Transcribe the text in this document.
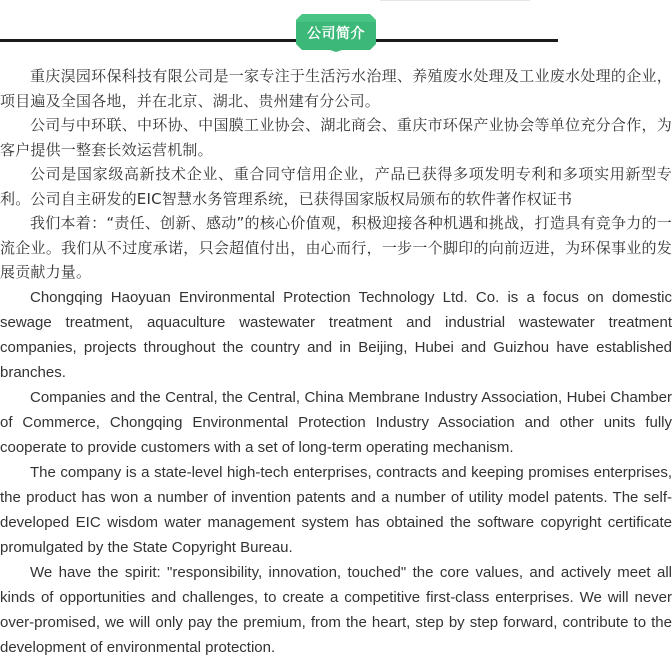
公司简介

重庆淏园环保科技有限公司是一家专注于生活污水治理、养殖废水处理及工业废水处理的企业，项目遍及全国各地，并在北京、湖北、贵州建有分公司。

公司与中环联、中环协、中国膜工业协会、湖北商会、重庆市环保产业协会等单位充分合作，为客户提供一整套长效运营机制。

公司是国家级高新技术企业、重合同守信用企业，产品已获得多项发明专利和多项实用新型专利。公司自主研发的EIC智慧水务管理系统，已获得国家版权局颁布的软件著作权证书

我们本着：“责任、创新、感动”的核心价值观，积极迎接各种机遇和挑战，打造具有竞争力的一流企业。我们从不过度承诺，只会超值付出，由心而行，一步一个脚印的向前迈进，为环保事业的发展贡献力量。

Chongqing Haoyuan Environmental Protection Technology Ltd. Co. is a focus on domestic sewage treatment, aquaculture wastewater treatment and industrial wastewater treatment companies, projects throughout the country and in Beijing, Hubei and Guizhou have established branches.

Companies and the Central, the Central, China Membrane Industry Association, Hubei Chamber of Commerce, Chongqing Environmental Protection Industry Association and other units fully cooperate to provide customers with a set of long-term operating mechanism.

The company is a state-level high-tech enterprises, contracts and keeping promises enterprises, the product has won a number of invention patents and a number of utility model patents. The self-developed EIC wisdom water management system has obtained the software copyright certificate promulgated by the State Copyright Bureau.

We have the spirit: "responsibility, innovation, touched" the core values, and actively meet all kinds of opportunities and challenges, to create a competitive first-class enterprises. We will never over-promised, we will only pay the premium, from the heart, step by step forward, contribute to the development of environmental protection.
